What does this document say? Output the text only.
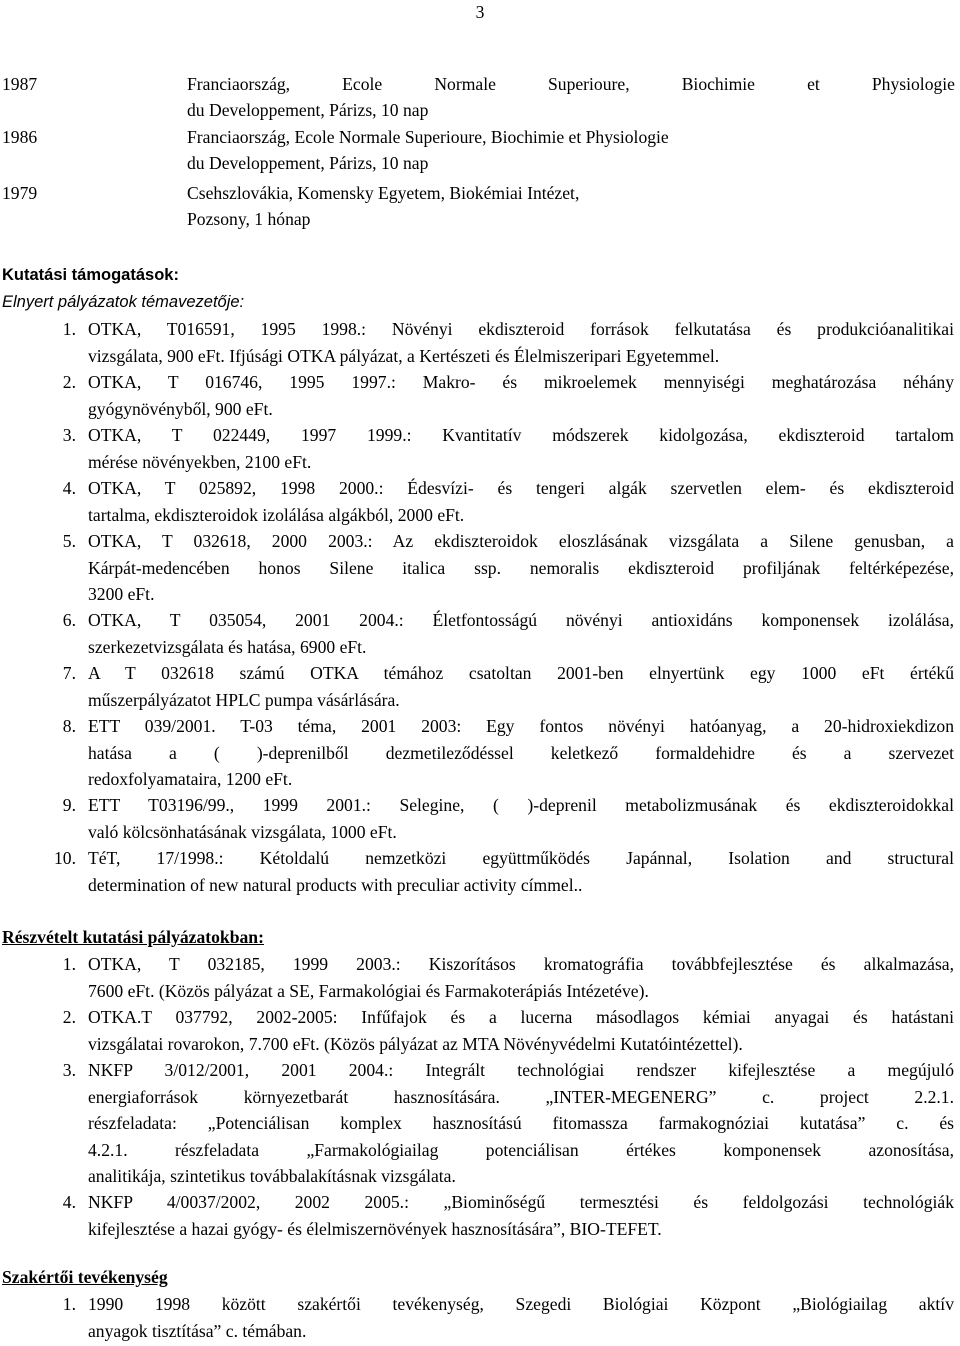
3
1987	Franciaország, Ecole Normale Superioure, Biochimie et Physiologie
du Developpement, Párizs, 10 nap
1986	Franciaország, Ecole Normale Superioure, Biochimie et Physiologie
du Developpement, Párizs, 10 nap
1979	Csehszlovákia, Komensky Egyetem, Biokémiai Intézet,
Pozsony, 1 hónap
Kutatási támogatások:
Elnyert pályázatok témavezetője:
1. OTKA, T016591, 1995 1998.: Növényi ekdiszteroid források felkutatása és produkcióanalitikai
vizsgálata, 900 eFt. Ifjúsági OTKA pályázat, a Kertészeti és Élelmiszeripari Egyetemmel.
2. OTKA, T 016746, 1995 1997.: Makro- és mikroelemek mennyiségi meghatározása néhány
gyógynövényből, 900 eFt.
3. OTKA, T 022449, 1997 1999.: Kvantitatív módszerek kidolgozása, ekdiszteroid tartalom
mérése növényekben, 2100 eFt.
4. OTKA, T 025892, 1998 2000.: Édesvízi- és tengeri algák szervetlen elem- és ekdiszteroid
tartalma, ekdiszteroidok izolálása algákból, 2000 eFt.
5. OTKA, T 032618, 2000 2003.: Az ekdiszteroidok eloszlásának vizsgálata a Silene genusban, a
Kárpát-medencében honos Silene italica ssp. nemoralis ekdiszteroid profiljának feltérképezése,
3200 eFt.
6. OTKA, T 035054, 2001 2004.: Életfontosságú növényi antioxidáns komponensek izolálása,
szerkezetvizsgálata és hatása, 6900 eFt.
7. A T 032618 számú OTKA témához csatoltan 2001-ben elnyertünk egy 1000 eFt értékű
műszerpályázatot HPLC pumpa vásárlására.
8. ETT 039/2001. T-03 téma, 2001 2003: Egy fontos növényi hatóanyag, a 20-hidroxiekdizon
hatása a ( )-deprenilből dezmetileződéssel keletkező formaldehidre és a szervezet
redoxfolyamataira, 1200 eFt.
9. ETT T03196/99., 1999 2001.: Selegine, ( )-deprenil metabolizmusának és ekdiszteroidokkal
való kölcsönhatásának vizsgálata, 1000 eFt.
10. TéT, 17/1998.: Kétoldalú nemzetközi együttműködés Japánnal, Isolation and structural
determination of new natural products with preculiar activity címmel..
Részvételt kutatási pályázatokban:
1. OTKA, T 032185, 1999 2003.: Kiszorításos kromatográfia továbbfejlesztése és alkalmazása,
7600 eFt. (Közös pályázat a SE, Farmakológiai és Farmakoterápiás Intézetéve).
2. OTKA.T 037792, 2002-2005: Infűfajok és a lucerna másodlagos kémiai anyagai és hatástani
vizsgálatai rovarokon, 7.700 eFt. (Közös pályázat az MTA Növényvédelmi Kutatóintézettel).
3. NKFP 3/012/2001, 2001 2004.: Integrált technológiai rendszer kifejlesztése a megújuló
energiaforrások környezetbarát hasznosítására. „INTER-MEGENERG” c. project 2.2.1.
részfeladata: „Potenciálisan komplex hasznosítású fitomassza farmakognóziai kutatása” c. és
4.2.1. részfeladata „Farmakológiailag potenciálisan értékes komponensek azonosítása,
analitikája, szintetikus továbbalakításnak vizsgálata.
4. NKFP 4/0037/2002, 2002 2005.: „Biominőségű termesztési és feldolgozási technológiák
kifejlesztése a hazai gyógy- és élelmiszernövények hasznosítására”, BIO-TEFET.
Szakértői tevékenység
1. 1990 1998 között szakértői tevékenység, Szegedi Biológiai Központ „Biológiailag aktív
anyagok tisztítása” c. témában.
